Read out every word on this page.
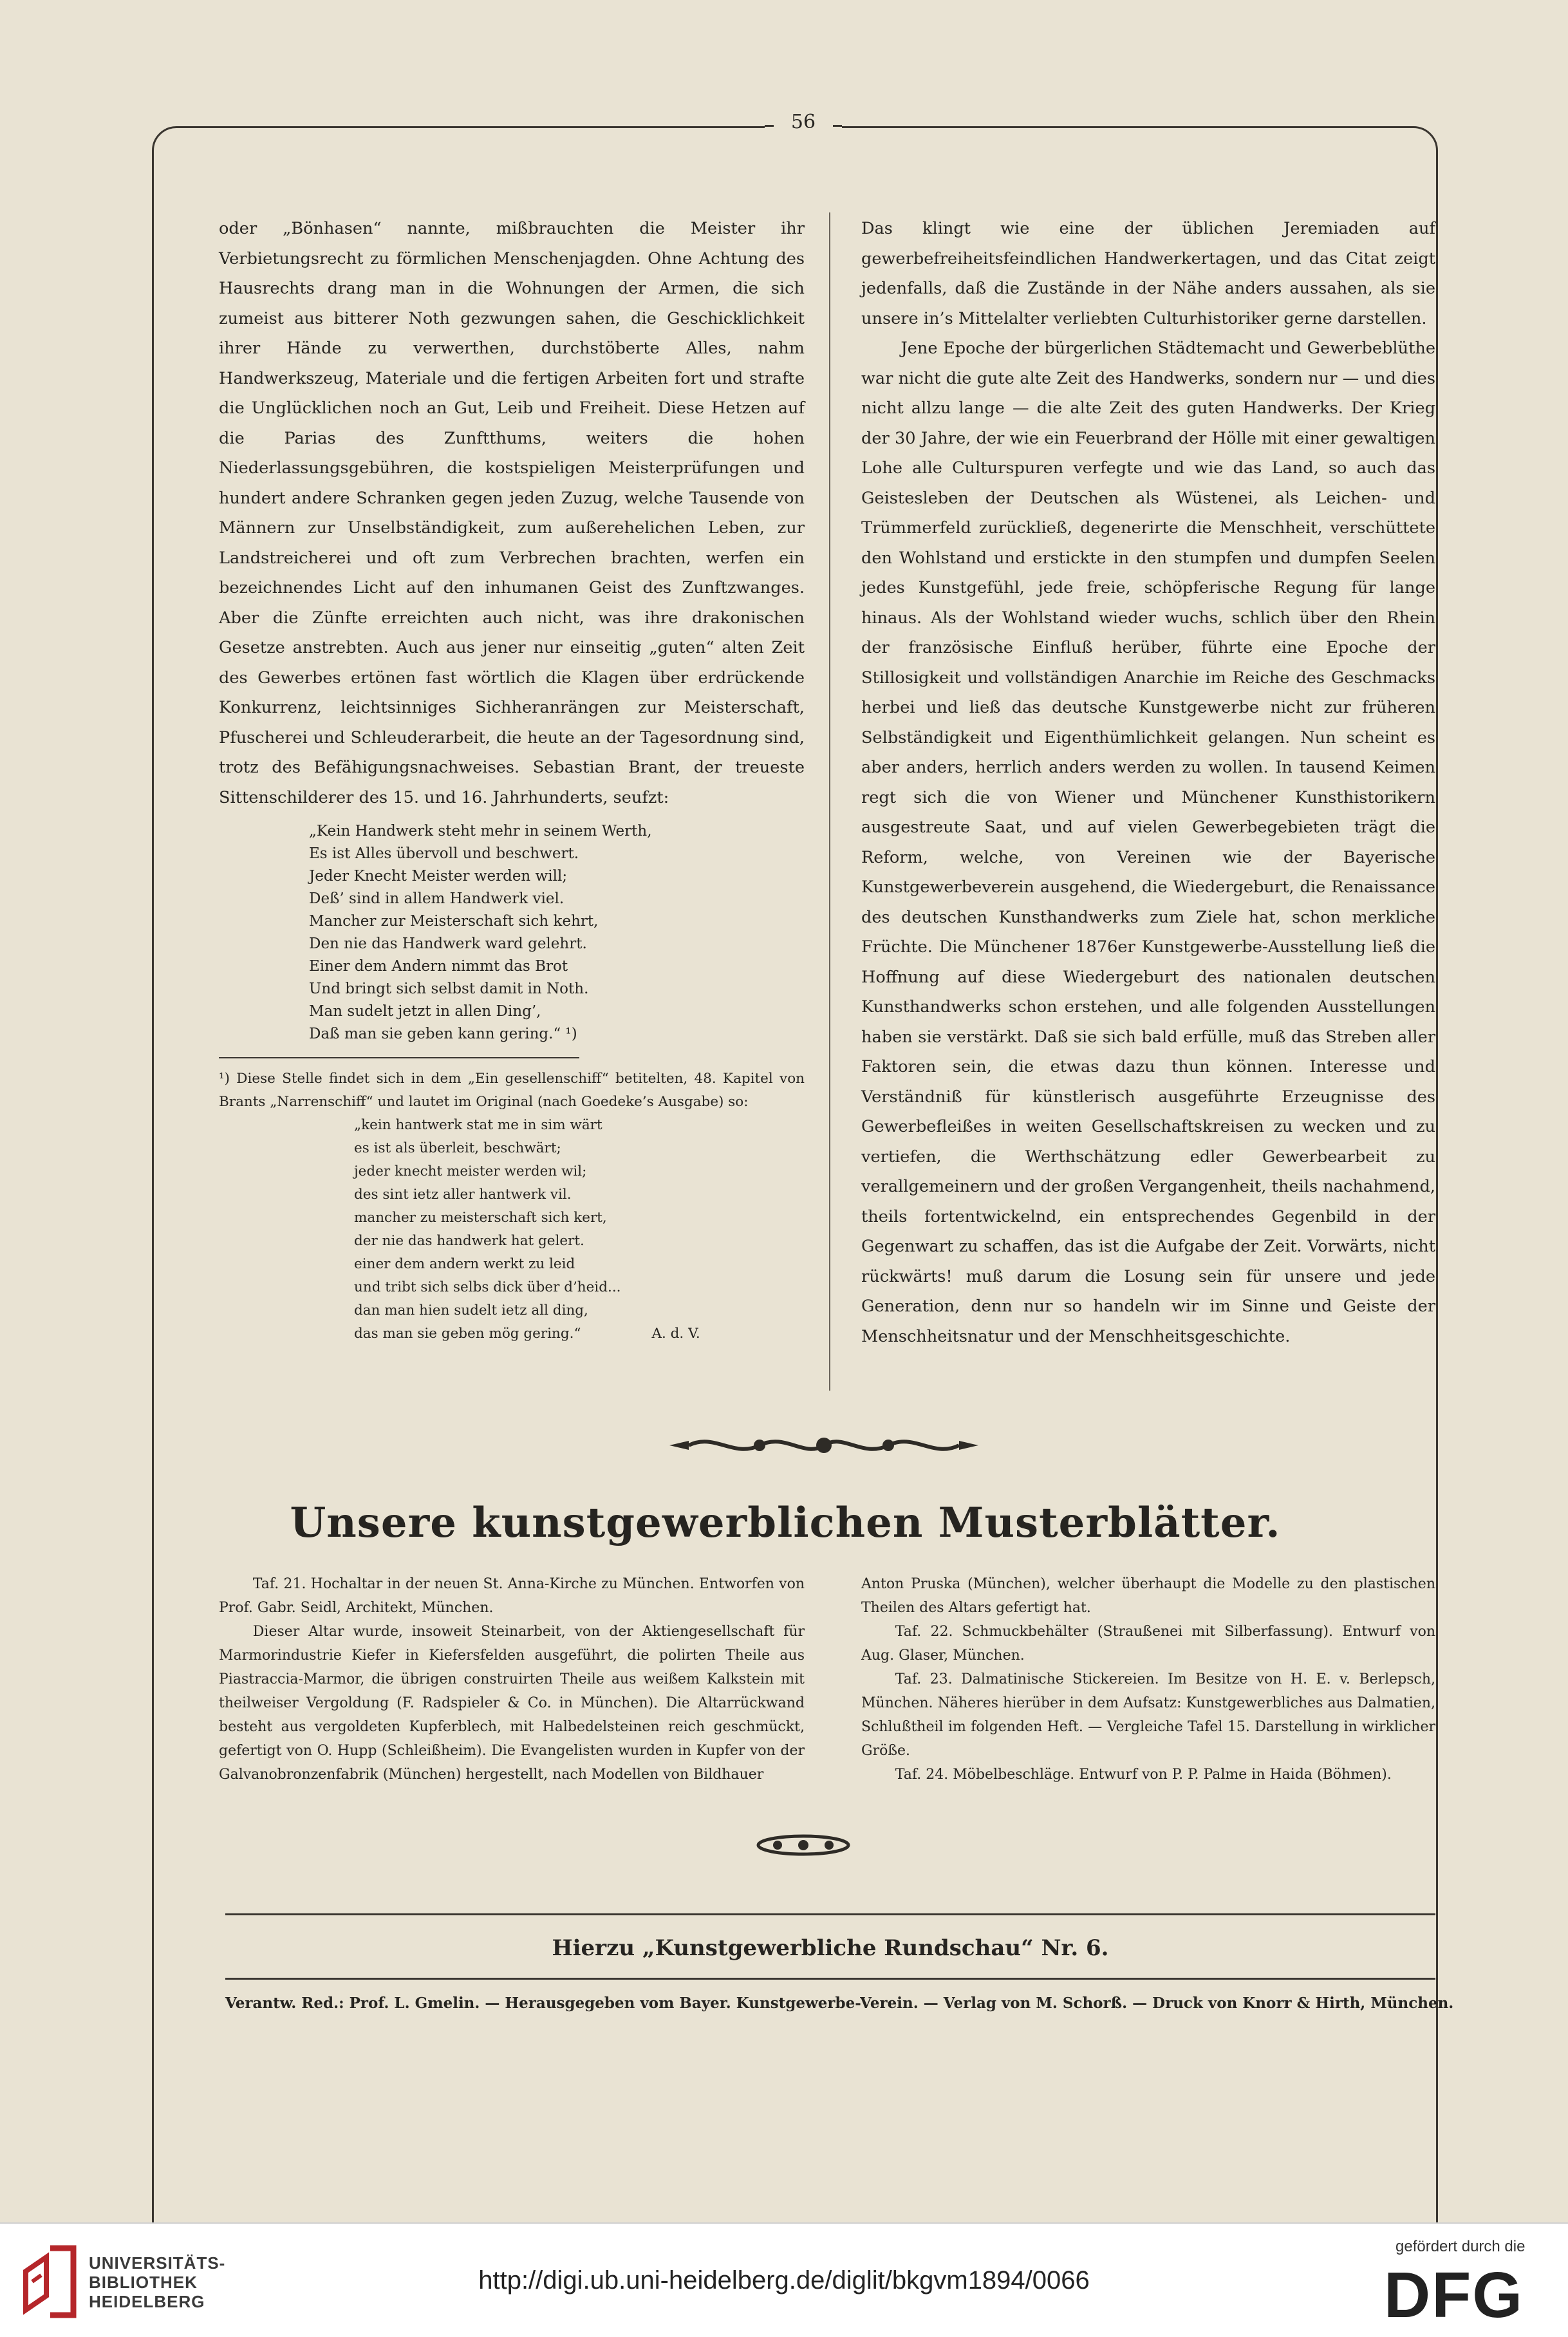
56

oder „Bönhasen“ nannte, mißbrauchten die Meister ihr Verbietungsrecht zu förmlichen Menschenjagden. Ohne Achtung des Hausrechts drang man in die Wohnungen der Armen, die sich zumeist aus bitterer Noth gezwungen sahen, die Geschicklichkeit ihrer Hände zu verwerthen, durchstöberte Alles, nahm Handwerkszeug, Materiale und die fertigen Arbeiten fort und strafte die Unglücklichen noch an Gut, Leib und Freiheit. Diese Hetzen auf die Parias des Zunftthums, weiters die hohen Niederlassungsgebühren, die kostspieligen Meisterprüfungen und hundert andere Schranken gegen jeden Zuzug, welche Tausende von Männern zur Unselbständigkeit, zum außerehelichen Leben, zur Landstreicherei und oft zum Verbrechen brachten, werfen ein bezeichnendes Licht auf den inhumanen Geist des Zunftzwanges. Aber die Zünfte erreichten auch nicht, was ihre drakonischen Gesetze anstrebten. Auch aus jener nur einseitig „guten“ alten Zeit des Gewerbes ertönen fast wörtlich die Klagen über erdrückende Konkurrenz, leichtsinniges Sichheranrängen zur Meisterschaft, Pfuscherei und Schleuderarbeit, die heute an der Tagesordnung sind, trotz des Befähigungsnachweises. Sebastian Brant, der treueste Sittenschilderer des 15. und 16. Jahrhunderts, seufzt:

„Kein Handwerk steht mehr in seinem Werth,
Es ist Alles übervoll und beschwert.
Jeder Knecht Meister werden will;
Deß’ sind in allem Handwerk viel.
Mancher zur Meisterschaft sich kehrt,
Den nie das Handwerk ward gelehrt.
Einer dem Andern nimmt das Brot
Und bringt sich selbst damit in Noth.
Man sudelt jetzt in allen Ding’,
Daß man sie geben kann gering.“ ¹)
¹) Diese Stelle findet sich in dem „Ein gesellenschiff“ betitelten, 48. Kapitel von Brants „Narrenschiff“ und lautet im Original (nach Goedeke’s Ausgabe) so:
„kein hantwerk stat me in sim wärt
es ist als überleit, beschwärt;
jeder knecht meister werden wil;
des sint ietz aller hantwerk vil.
mancher zu meisterschaft sich kert,
der nie das handwerk hat gelert.
einer dem andern werkt zu leid
und tribt sich selbs dick über d’heid...
dan man hien sudelt ietz all ding,
das man sie geben mög gering.“	A. d. V.

Das klingt wie eine der üblichen Jeremiaden auf gewerbefreiheitsfeindlichen Handwerkertagen, und das Citat zeigt jedenfalls, daß die Zustände in der Nähe anders aussahen, als sie unsere in’s Mittelalter verliebten Culturhistoriker gerne darstellen.

Jene Epoche der bürgerlichen Städtemacht und Gewerbeblüthe war nicht die gute alte Zeit des Handwerks, sondern nur — und dies nicht allzu lange — die alte Zeit des guten Handwerks. Der Krieg der 30 Jahre, der wie ein Feuerbrand der Hölle mit einer gewaltigen Lohe alle Culturspuren verfegte und wie das Land, so auch das Geistesleben der Deutschen als Wüstenei, als Leichen- und Trümmerfeld zurückließ, degenerirte die Menschheit, verschüttete den Wohlstand und erstickte in den stumpfen und dumpfen Seelen jedes Kunstgefühl, jede freie, schöpferische Regung für lange hinaus. Als der Wohlstand wieder wuchs, schlich über den Rhein der französische Einfluß herüber, führte eine Epoche der Stillosigkeit und vollständigen Anarchie im Reiche des Geschmacks herbei und ließ das deutsche Kunstgewerbe nicht zur früheren Selbständigkeit und Eigenthümlichkeit gelangen. Nun scheint es aber anders, herrlich anders werden zu wollen. In tausend Keimen regt sich die von Wiener und Münchener Kunsthistorikern ausgestreute Saat, und auf vielen Gewerbegebieten trägt die Reform, welche, von Vereinen wie der Bayerische Kunstgewerbeverein ausgehend, die Wiedergeburt, die Renaissance des deutschen Kunsthandwerks zum Ziele hat, schon merkliche Früchte. Die Münchener 1876er Kunstgewerbe-Ausstellung ließ die Hoffnung auf diese Wiedergeburt des nationalen deutschen Kunsthandwerks schon erstehen, und alle folgenden Ausstellungen haben sie verstärkt. Daß sie sich bald erfülle, muß das Streben aller Faktoren sein, die etwas dazu thun können. Interesse und Verständniß für künstlerisch ausgeführte Erzeugnisse des Gewerbefleißes in weiten Gesellschaftskreisen zu wecken und zu vertiefen, die Werthschätzung edler Gewerbearbeit zu verallgemeinern und der großen Vergangenheit, theils nachahmend, theils fortentwickelnd, ein entsprechendes Gegenbild in der Gegenwart zu schaffen, das ist die Aufgabe der Zeit. Vorwärts, nicht rückwärts! muß darum die Losung sein für unsere und jede Generation, denn nur so handeln wir im Sinne und Geiste der Menschheitsnatur und der Menschheitsgeschichte.

Unsere kunstgewerblichen Musterblätter.

Taf. 21. Hochaltar in der neuen St. Anna-Kirche zu München. Entworfen von Prof. Gabr. Seidl, Architekt, München.

Dieser Altar wurde, insoweit Steinarbeit, von der Aktiengesellschaft für Marmorindustrie Kiefer in Kiefersfelden ausgeführt, die polirten Theile aus Piastraccia-Marmor, die übrigen construirten Theile aus weißem Kalkstein mit theilweiser Vergoldung (F. Radspieler & Co. in München). Die Altarrückwand besteht aus vergoldeten Kupferblech, mit Halbedelsteinen reich geschmückt, gefertigt von O. Hupp (Schleißheim). Die Evangelisten wurden in Kupfer von der Galvanobronzenfabrik (München) hergestellt, nach Modellen von Bildhauer

Anton Pruska (München), welcher überhaupt die Modelle zu den plastischen Theilen des Altars gefertigt hat.

Taf. 22. Schmuckbehälter (Straußenei mit Silberfassung). Entwurf von Aug. Glaser, München.

Taf. 23. Dalmatinische Stickereien. Im Besitze von H. E. v. Berlepsch, München. Näheres hierüber in dem Aufsatz: Kunstgewerbliches aus Dalmatien, Schlußtheil im folgenden Heft. — Vergleiche Tafel 15. Darstellung in wirklicher Größe.

Taf. 24. Möbelbeschläge. Entwurf von P. P. Palme in Haida (Böhmen).

Hierzu „Kunstgewerbliche Rundschau“ Nr. 6.
Verantw. Red.: Prof. L. Gmelin. — Herausgegeben vom Bayer. Kunstgewerbe-Verein. — Verlag von M. Schorß. — Druck von Knorr & Hirth, München.
UNIVERSITÄTS-
BIBLIOTHEK
HEIDELBERG
http://digi.ub.uni-heidelberg.de/diglit/bkgvm1894/0066
gefördert durch die
DFG
